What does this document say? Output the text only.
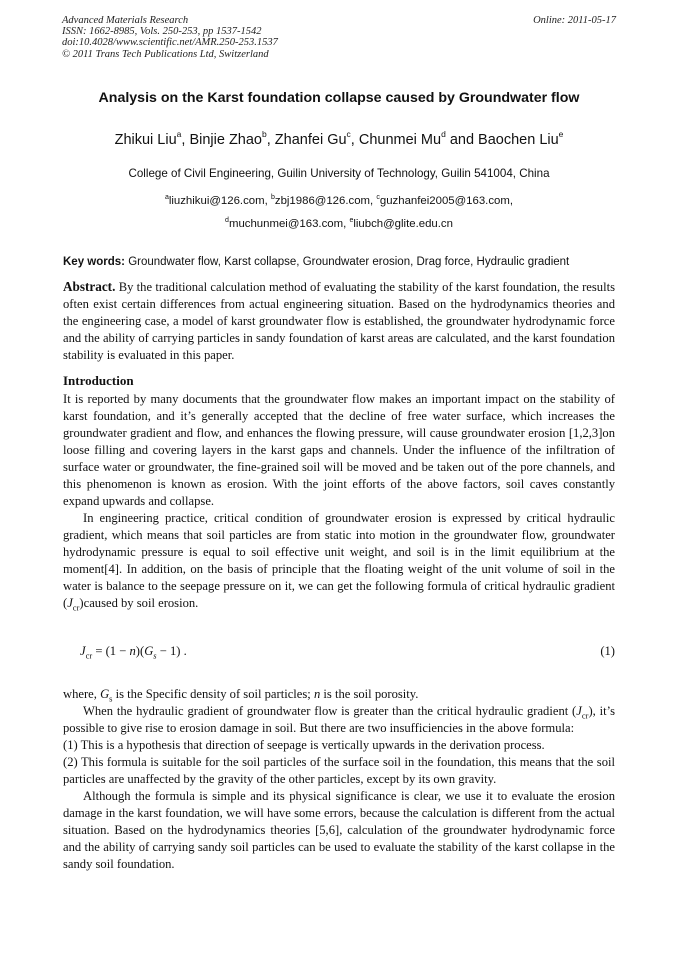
Advanced Materials Research
ISSN: 1662-8985, Vols. 250-253, pp 1537-1542
doi:10.4028/www.scientific.net/AMR.250-253.1537
© 2011 Trans Tech Publications Ltd, Switzerland
Online: 2011-05-17
Analysis on the Karst foundation collapse caused by Groundwater flow
Zhikui Liu$^a$, Binjie Zhao$^b$, Zhanfei Gu$^c$, Chunmei Mu$^d$ and Baochen Liu$^e$
College of Civil Engineering, Guilin University of Technology, Guilin 541004, China
$^a$liuzhikui@126.com, $^b$zbj1986@126.com, $^c$guzhanfei2005@163.com,
$^d$muchunmei@163.com, $^e$liubch@glite.edu.cn
Key words: Groundwater flow, Karst collapse, Groundwater erosion, Drag force, Hydraulic gradient
Abstract. By the traditional calculation method of evaluating the stability of the karst foundation, the results often exist certain differences from actual engineering situation. Based on the hydrodynamics theories and the engineering case, a model of karst groundwater flow is established, the groundwater hydrodynamic force and the ability of carrying particles in sandy foundation of karst areas are calculated, and the karst foundation stability is evaluated in this paper.
Introduction

It is reported by many documents that the groundwater flow makes an important impact on the stability of karst foundation, and it’s generally accepted that the decline of free water surface, which increases the groundwater gradient and flow, and enhances the flowing pressure, will cause groundwater erosion [1,2,3]on loose filling and covering layers in the karst gaps and channels. Under the influence of the infiltration of surface water or groundwater, the fine-grained soil will be moved and be taken out of the pore channels, and this phenomenon is known as erosion. With the joint efforts of the above factors, soil caves constantly expand upwards and collapse.

In engineering practice, critical condition of groundwater erosion is expressed by critical hydraulic gradient, which means that soil particles are from static into motion in the groundwater flow, groundwater hydrodynamic pressure is equal to soil effective unit weight, and soil is in the limit equilibrium at the moment[4]. In addition, on the basis of principle that the floating weight of the unit volume of soil in the water is balance to the seepage pressure on it, we can get the following formula of critical hydraulic gradient $(J_{cr})caused$ by soil erosion.

$J_{cr} = (1 - n)(G_s - 1)$ .	(1)

where, $G_s$ is the Specific density of soil particles; n is the soil porosity.

When the hydraulic gradient of groundwater flow is greater than the critical hydraulic gradient $(J_{cr})$, it’s possible to give rise to erosion damage in soil. But there are two insufficiencies in the above formula:

(1) This is a hypothesis that direction of seepage is vertically upwards in the derivation process.

(2) This formula is suitable for the soil particles of the surface soil in the foundation, this means that the soil particles are unaffected by the gravity of the other particles, except by its own gravity.

Although the formula is simple and its physical significance is clear, we use it to evaluate the erosion damage in the karst foundation, we will have some errors, because the calculation is different from the actual situation. Based on the hydrodynamics theories [5,6], calculation of the groundwater hydrodynamic force and the ability of carrying sandy soil particles can be used to evaluate the stability of the karst collapse in the sandy soil foundation.
